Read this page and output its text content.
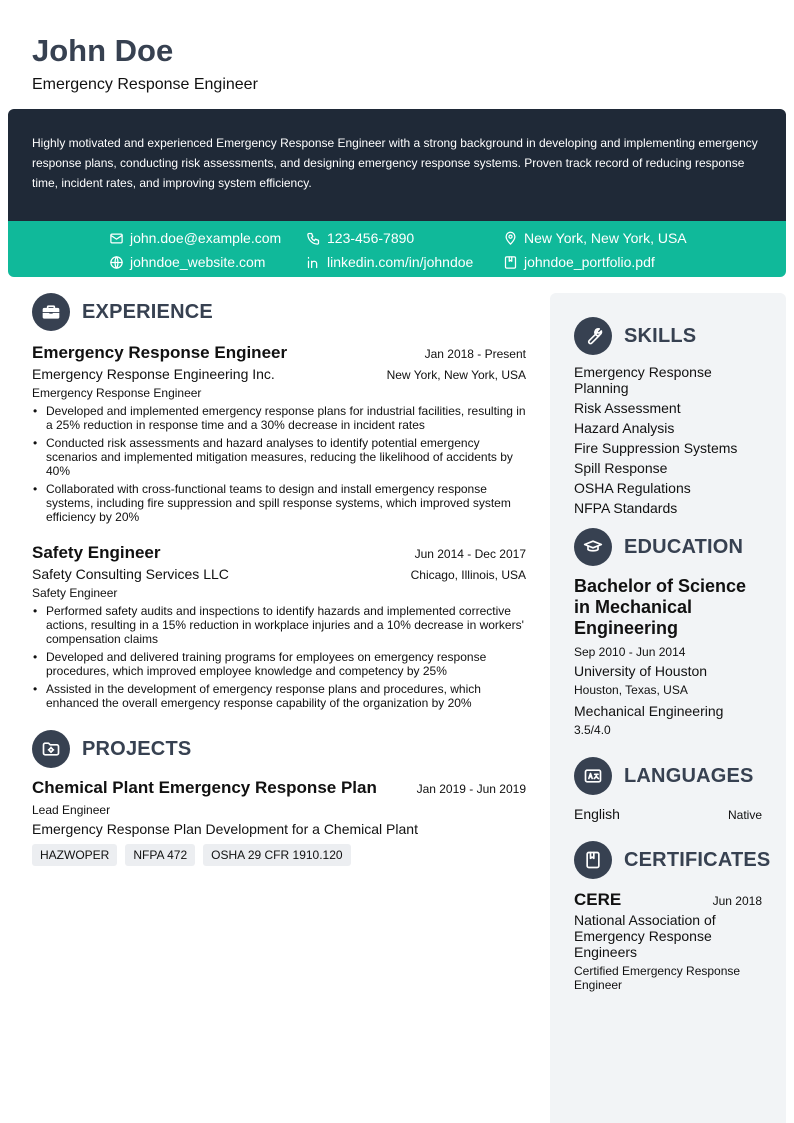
John Doe
Emergency Response Engineer

Highly motivated and experienced Emergency Response Engineer with a strong background in developing and implementing emergency response plans, conducting risk assessments, and designing emergency response systems. Proven track record of reducing response time, incident rates, and improving system efficiency.

john.doe@example.com	123-456-7890	New York, New York, USA
johndoe_website.com	linkedin.com/in/johndoe	johndoe_portfolio.pdf
EXPERIENCE
Emergency Response Engineer	Jan 2018 - Present
Emergency Response Engineering Inc.	New York, New York, USA
Emergency Response Engineer
• Developed and implemented emergency response plans for industrial facilities, resulting in a 25% reduction in response time and a 30% decrease in incident rates
• Conducted risk assessments and hazard analyses to identify potential emergency scenarios and implemented mitigation measures, reducing the likelihood of accidents by 40%
• Collaborated with cross-functional teams to design and install emergency response systems, including fire suppression and spill response systems, which improved system efficiency by 20%
Safety Engineer	Jun 2014 - Dec 2017
Safety Consulting Services LLC	Chicago, Illinois, USA
Safety Engineer
• Performed safety audits and inspections to identify hazards and implemented corrective actions, resulting in a 15% reduction in workplace injuries and a 10% decrease in workers' compensation claims
• Developed and delivered training programs for employees on emergency response procedures, which improved employee knowledge and competency by 25%
• Assisted in the development of emergency response plans and procedures, which enhanced the overall emergency response capability of the organization by 20%
PROJECTS
Chemical Plant Emergency Response Plan	Jan 2019 - Jun 2019
Lead Engineer
Emergency Response Plan Development for a Chemical Plant
HAZWOPER	NFPA 472	OSHA 29 CFR 1910.120
SKILLS
Emergency Response Planning
Risk Assessment
Hazard Analysis
Fire Suppression Systems
Spill Response
OSHA Regulations
NFPA Standards
EDUCATION
Bachelor of Science in Mechanical Engineering
Sep 2010 - Jun 2014
University of Houston
Houston, Texas, USA
Mechanical Engineering
3.5/4.0
LANGUAGES
English	Native
CERTIFICATES
CERE	Jun 2018
National Association of Emergency Response Engineers
Certified Emergency Response Engineer
